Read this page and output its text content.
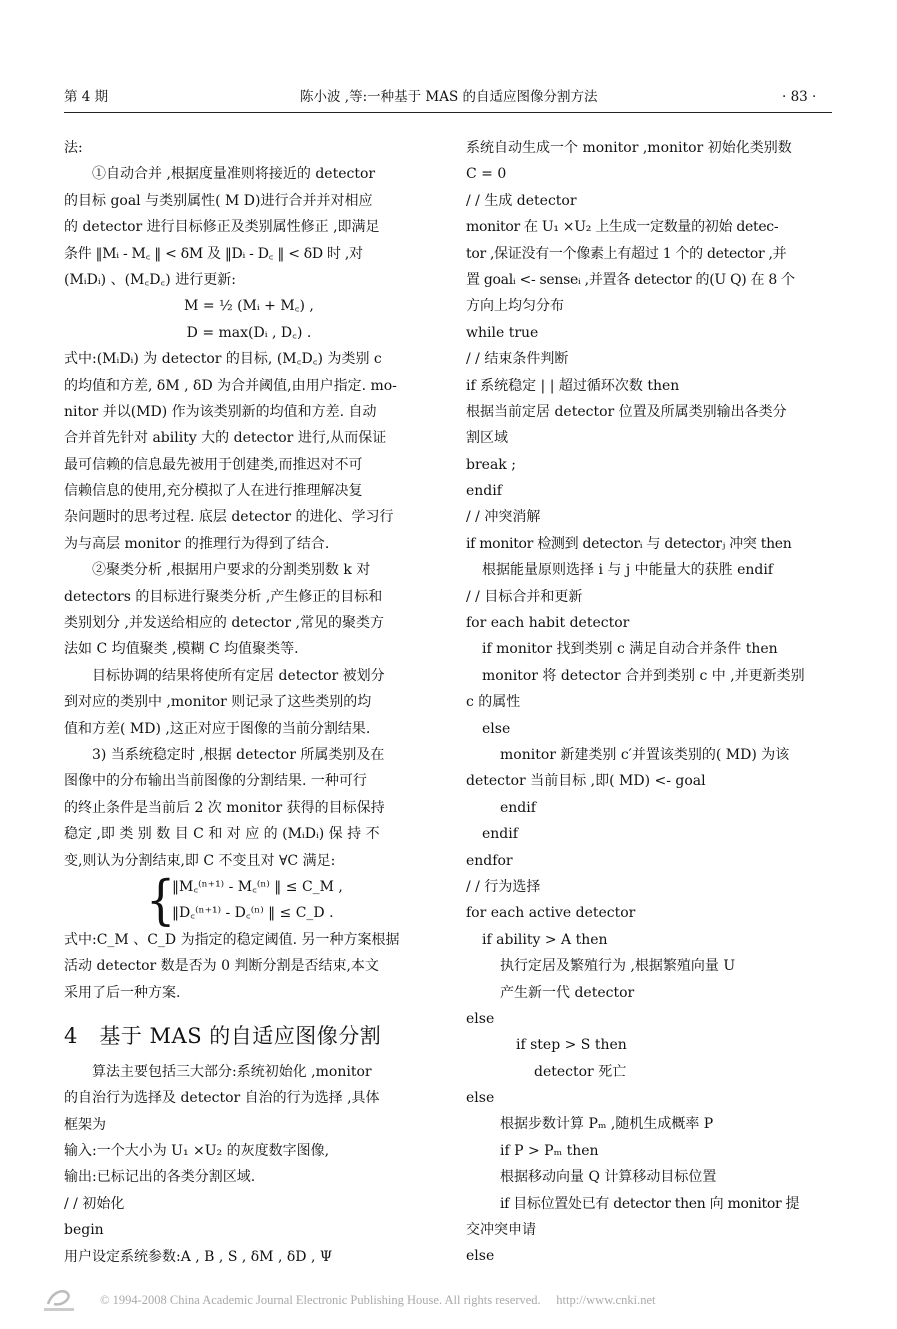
第 4 期	陈小波 ,等:一种基于 MAS 的自适应图像分割方法	· 83 ·
法:
　　①自动合并 ,根据度量准则将接近的 detector
的目标 goal 与类别属性( M D)进行合并并对相应
的 detector 进行目标修正及类别属性修正 ,即满足
条件 ‖Mᵢ - M꜀ ‖ < δM 及 ‖Dᵢ - D꜀ ‖ < δD 时 ,对
(MᵢDᵢ) 、(M꜀D꜀) 进行更新:
M = ½ (Mᵢ + M꜀) ,
D = max(Dᵢ , D꜀) .
式中:(MᵢDᵢ) 为 detector 的目标, (M꜀D꜀) 为类别 c
的均值和方差, δM , δD 为合并阈值,由用户指定. mo-
nitor 并以(MD) 作为该类别新的均值和方差. 自动
合并首先针对 ability 大的 detector 进行,从而保证
最可信赖的信息最先被用于创建类,而推迟对不可
信赖信息的使用,充分模拟了人在进行推理解决复
杂问题时的思考过程. 底层 detector 的进化、学习行
为与高层 monitor 的推理行为得到了结合.
　　②聚类分析 ,根据用户要求的分割类别数 k 对
detectors 的目标进行聚类分析 ,产生修正的目标和
类别划分 ,并发送给相应的 detector ,常见的聚类方
法如 C 均值聚类 ,模糊 C 均值聚类等.
　　目标协调的结果将使所有定居 detector 被划分
到对应的类别中 ,monitor 则记录了这些类别的均
值和方差( MD) ,这正对应于图像的当前分割结果.
　　3) 当系统稳定时 ,根据 detector 所属类别及在
图像中的分布输出当前图像的分割结果. 一种可行
的终止条件是当前后 2 次 monitor 获得的目标保持
稳定 ,即 类 别 数 目 C 和 对 应 的 (MᵢDᵢ) 保 持 不
变,则认为分割结束,即 C 不变且对 ∀C 满足:
{
‖M꜀⁽ⁿ⁺¹⁾ - M꜀⁽ⁿ⁾ ‖ ≤ C_M ,
‖D꜀⁽ⁿ⁺¹⁾ - D꜀⁽ⁿ⁾ ‖ ≤ C_D .
式中:C_M 、C_D 为指定的稳定阈值. 另一种方案根据
活动 detector 数是否为 0 判断分割是否结束,本文
采用了后一种方案.
4　基于 MAS 的自适应图像分割
　　算法主要包括三大部分:系统初始化 ,monitor
的自治行为选择及 detector 自治的行为选择 ,具体
框架为
输入:一个大小为 U₁ ×U₂ 的灰度数字图像,
输出:已标记出的各类分割区域.
/ / 初始化
begin
用户设定系统参数:A , B , S , δM , δD , Ψ
系统自动生成一个 monitor ,monitor 初始化类别数
C = 0
/ / 生成 detector
monitor 在 U₁ ×U₂ 上生成一定数量的初始 detec-
tor ,保证没有一个像素上有超过 1 个的 detector ,并
置 goalᵢ <- senseᵢ ,并置各 detector 的(U Q) 在 8 个
方向上均匀分布
while true
/ / 结束条件判断
if 系统稳定 | | 超过循环次数 then
根据当前定居 detector 位置及所属类别输出各类分
割区域
break ;
endif
/ / 冲突消解
if monitor 检测到 detectorᵢ 与 detectorⱼ 冲突 then
根据能量原则选择 i 与 j 中能量大的获胜 endif
/ / 目标合并和更新
for each habit detector
if monitor 找到类别 c 满足自动合并条件 then
monitor 将 detector 合并到类别 c 中 ,并更新类别
c 的属性
else
monitor 新建类别 c′并置该类别的( MD) 为该
detector 当前目标 ,即( MD) <- goal
endif
endif
endfor
/ / 行为选择
for each active detector
if ability > A then
执行定居及繁殖行为 ,根据繁殖向量 U
产生新一代 detector
else
if step > S then
detector 死亡
else
根据步数计算 Pₘ ,随机生成概率 P
if P > Pₘ then
根据移动向量 Q 计算移动目标位置
if 目标位置处已有 detector then 向 monitor 提
交冲突申请
else
© 1994-2008 China Academic Journal Electronic Publishing House. All rights reserved.　 http://www.cnki.net
